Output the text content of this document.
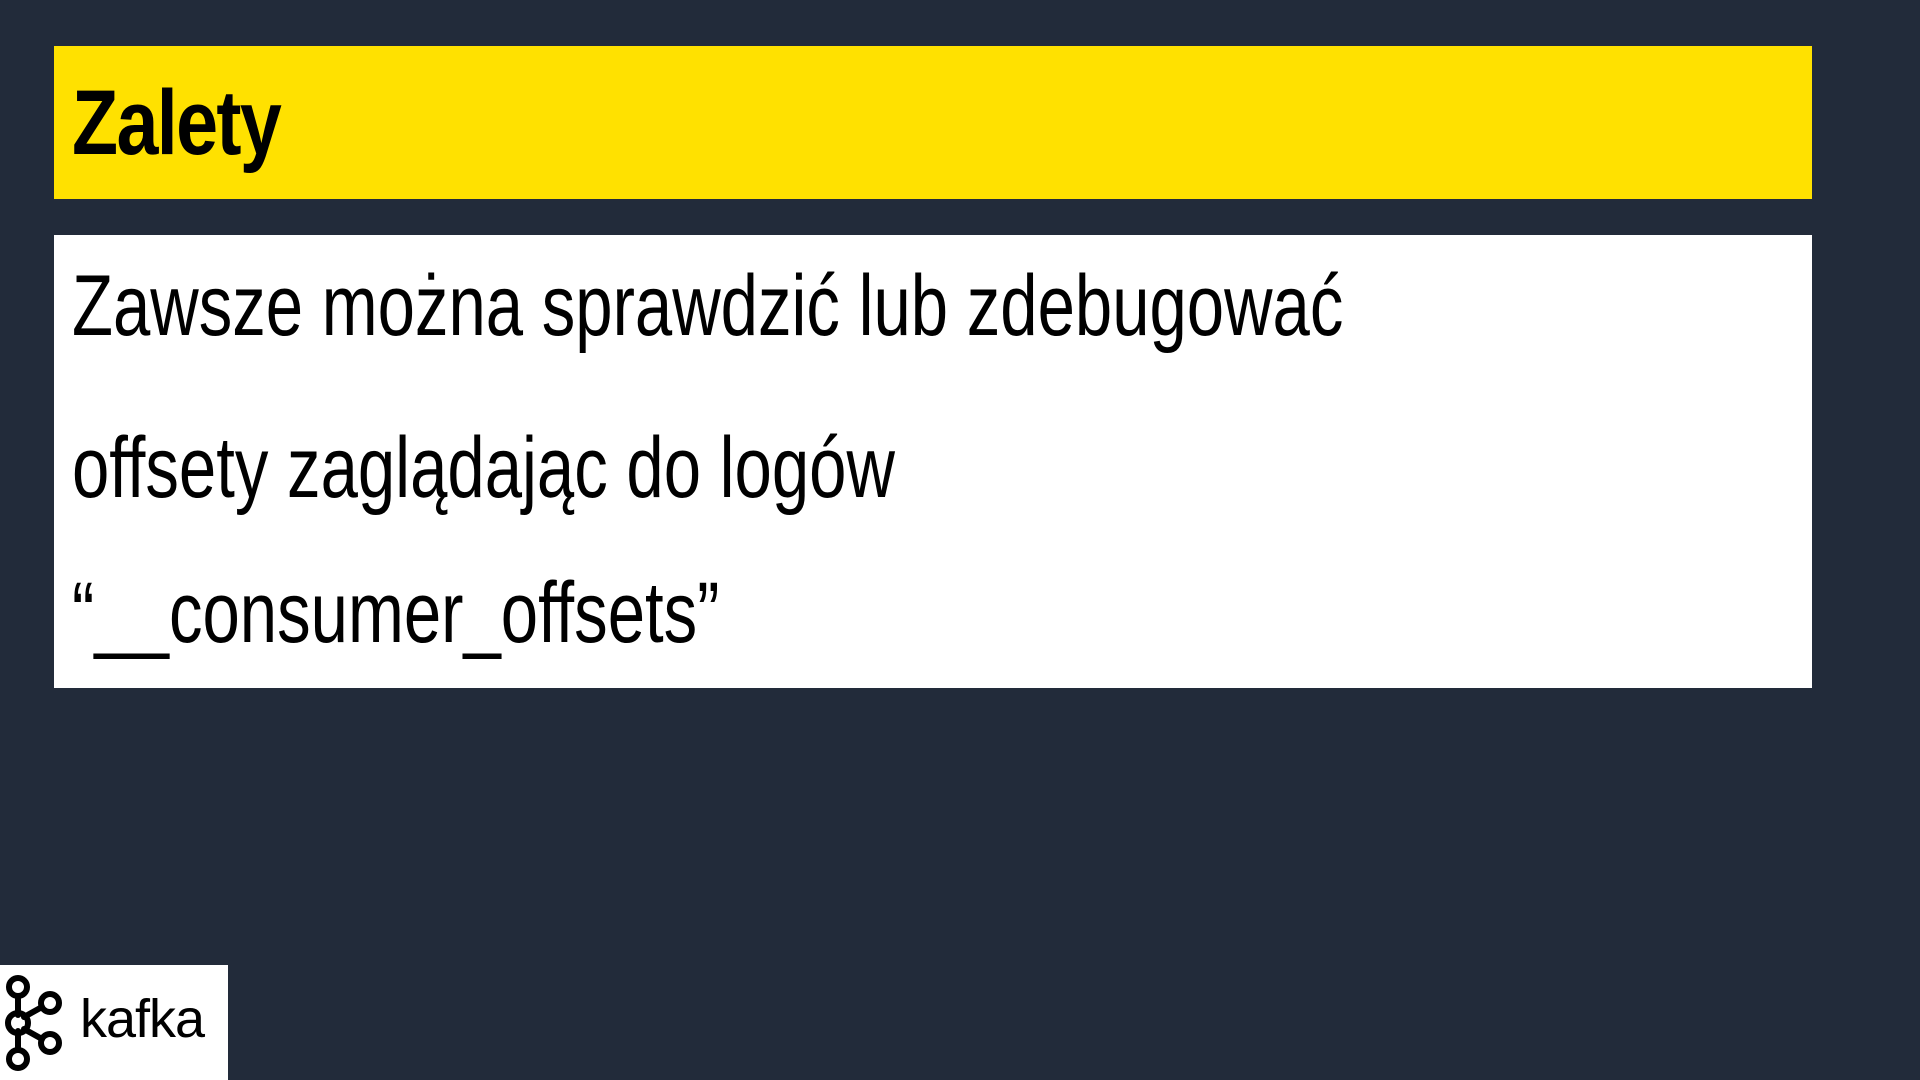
Zalety
Zawsze można sprawdzić lub zdebugować
offsety zaglądając do logów
“__consumer_offsets”
kafka
